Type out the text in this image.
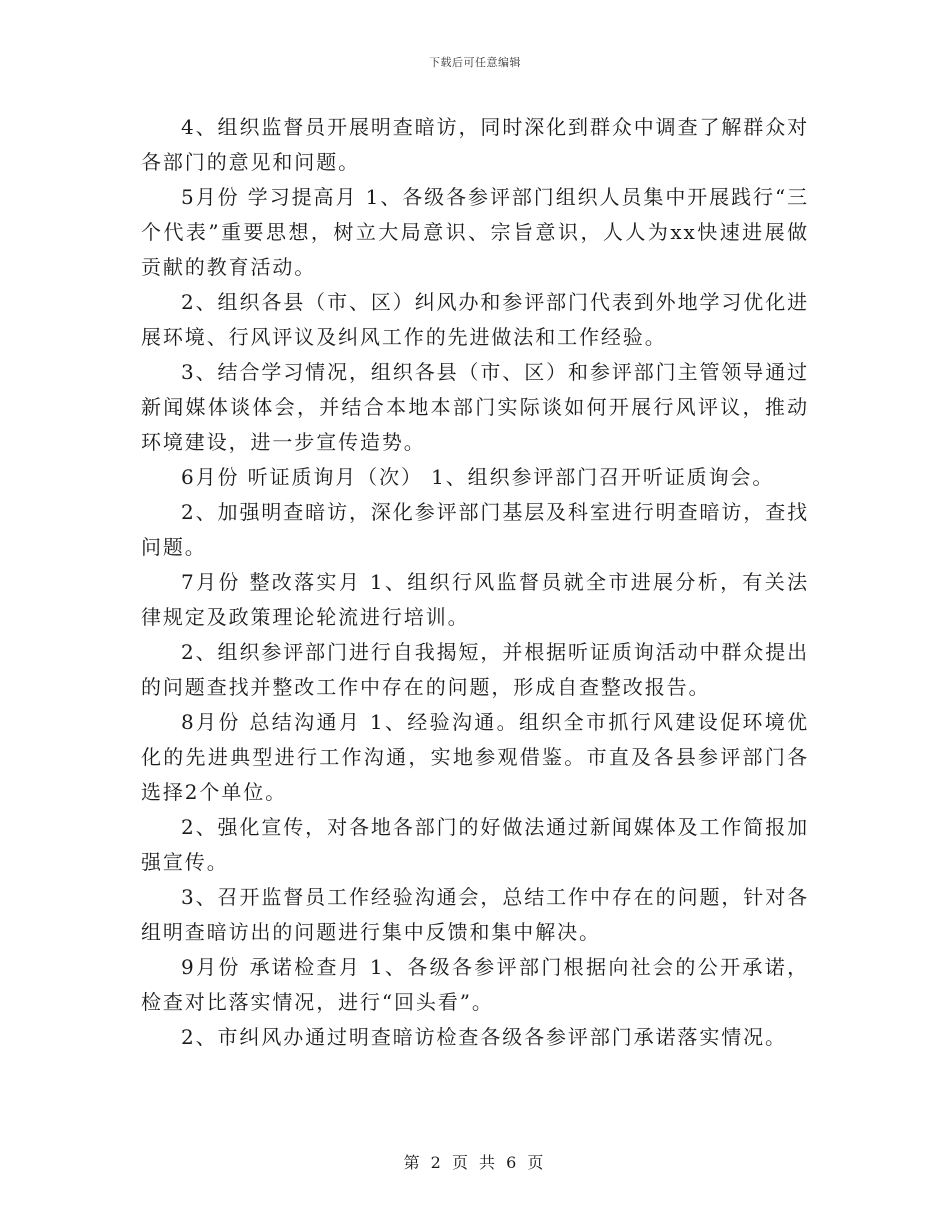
下载后可任意编辑

4、组织监督员开展明查暗访，同时深化到群众中调查了解群众对各部门的意见和问题。

5月份 学习提高月 1、各级各参评部门组织人员集中开展践行“三个代表”重要思想，树立大局意识、宗旨意识，人人为xx快速进展做贡献的教育活动。

2、组织各县（市、区）纠风办和参评部门代表到外地学习优化进展环境、行风评议及纠风工作的先进做法和工作经验。

3、结合学习情况，组织各县（市、区）和参评部门主管领导通过新闻媒体谈体会，并结合本地本部门实际谈如何开展行风评议，推动环境建设，进一步宣传造势。

6月份 听证质询月（次） 1、组织参评部门召开听证质询会。

2、加强明查暗访，深化参评部门基层及科室进行明查暗访，查找问题。

7月份 整改落实月 1、组织行风监督员就全市进展分析，有关法律规定及政策理论轮流进行培训。

2、组织参评部门进行自我揭短，并根据听证质询活动中群众提出的问题查找并整改工作中存在的问题，形成自查整改报告。

8月份 总结沟通月 1、经验沟通。组织全市抓行风建设促环境优化的先进典型进行工作沟通，实地参观借鉴。市直及各县参评部门各选择2个单位。

2、强化宣传，对各地各部门的好做法通过新闻媒体及工作简报加强宣传。

3、召开监督员工作经验沟通会，总结工作中存在的问题，针对各组明查暗访出的问题进行集中反馈和集中解决。

9月份 承诺检查月 1、各级各参评部门根据向社会的公开承诺，检查对比落实情况，进行“回头看”。

2、市纠风办通过明查暗访检查各级各参评部门承诺落实情况。

第 2 页 共 6 页
